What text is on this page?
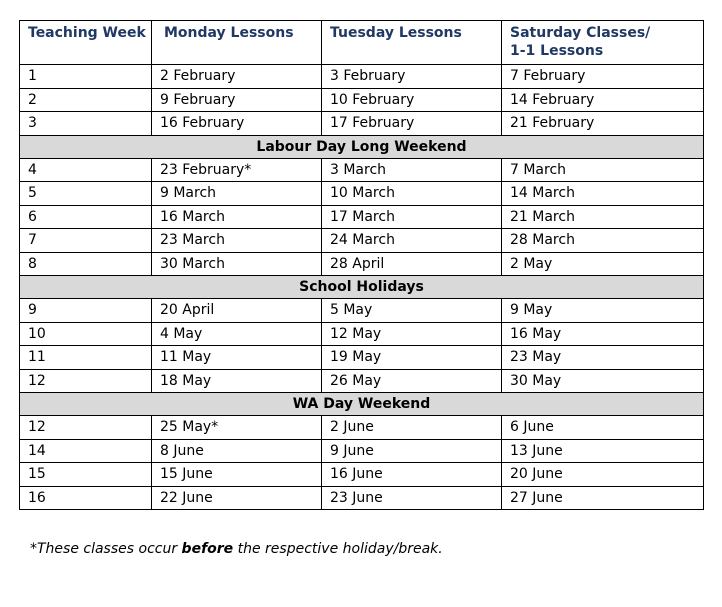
Teaching Week	Monday Lessons	Tuesday Lessons	Saturday Classes/
1-1 Lessons
1	2 February	3 February	7 February
2	9 February	10 February	14 February
3	16 February	17 February	21 February
Labour Day Long Weekend			
4	23 February*	3 March	7 March
5	9 March	10 March	14 March
6	16 March	17 March	21 March
7	23 March	24 March	28 March
8	30 March	28 April	2 May
School Holidays			
9	20 April	5 May	9 May
10	4 May	12 May	16 May
11	11 May	19 May	23 May
12	18 May	26 May	30 May
WA Day Weekend			
12	25 May*	2 June	6 June
14	8 June	9 June	13 June
15	15 June	16 June	20 June
16	22 June	23 June	27 June
*These classes occur before the respective holiday/break.
